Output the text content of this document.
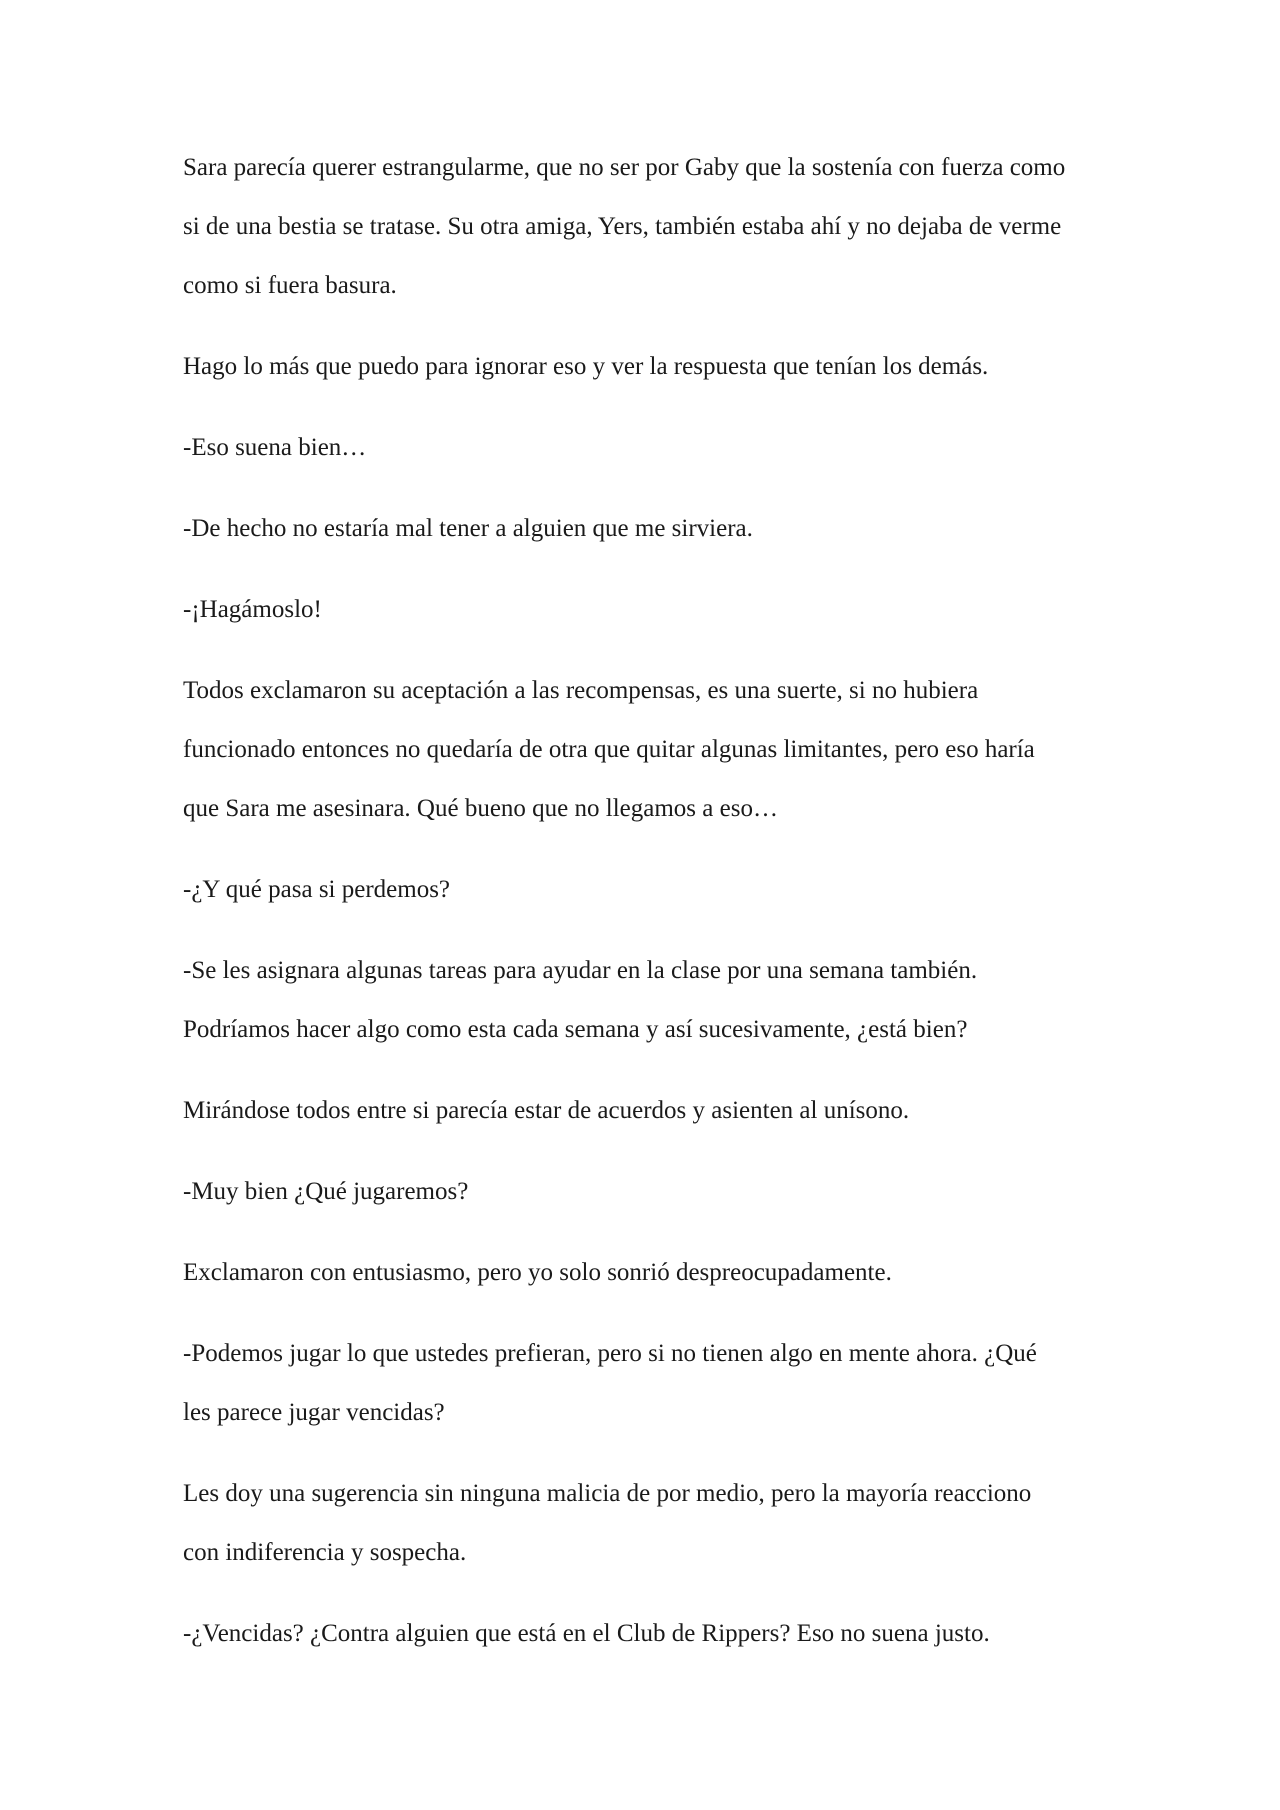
Sara parecía querer estrangularme, que no ser por Gaby que la sostenía con fuerza como
si de una bestia se tratase. Su otra amiga, Yers, también estaba ahí y no dejaba de verme
como si fuera basura.

Hago lo más que puedo para ignorar eso y ver la respuesta que tenían los demás.

-Eso suena bien…

-De hecho no estaría mal tener a alguien que me sirviera.

-¡Hagámoslo!

Todos exclamaron su aceptación a las recompensas, es una suerte, si no hubiera
funcionado entonces no quedaría de otra que quitar algunas limitantes, pero eso haría
que Sara me asesinara. Qué bueno que no llegamos a eso…

-¿Y qué pasa si perdemos?

-Se les asignara algunas tareas para ayudar en la clase por una semana también.
Podríamos hacer algo como esta cada semana y así sucesivamente, ¿está bien?

Mirándose todos entre si parecía estar de acuerdos y asienten al unísono.

-Muy bien ¿Qué jugaremos?

Exclamaron con entusiasmo, pero yo solo sonrió despreocupadamente.

-Podemos jugar lo que ustedes prefieran, pero si no tienen algo en mente ahora. ¿Qué
les parece jugar vencidas?

Les doy una sugerencia sin ninguna malicia de por medio, pero la mayoría reacciono
con indiferencia y sospecha.

-¿Vencidas? ¿Contra alguien que está en el Club de Rippers? Eso no suena justo.
